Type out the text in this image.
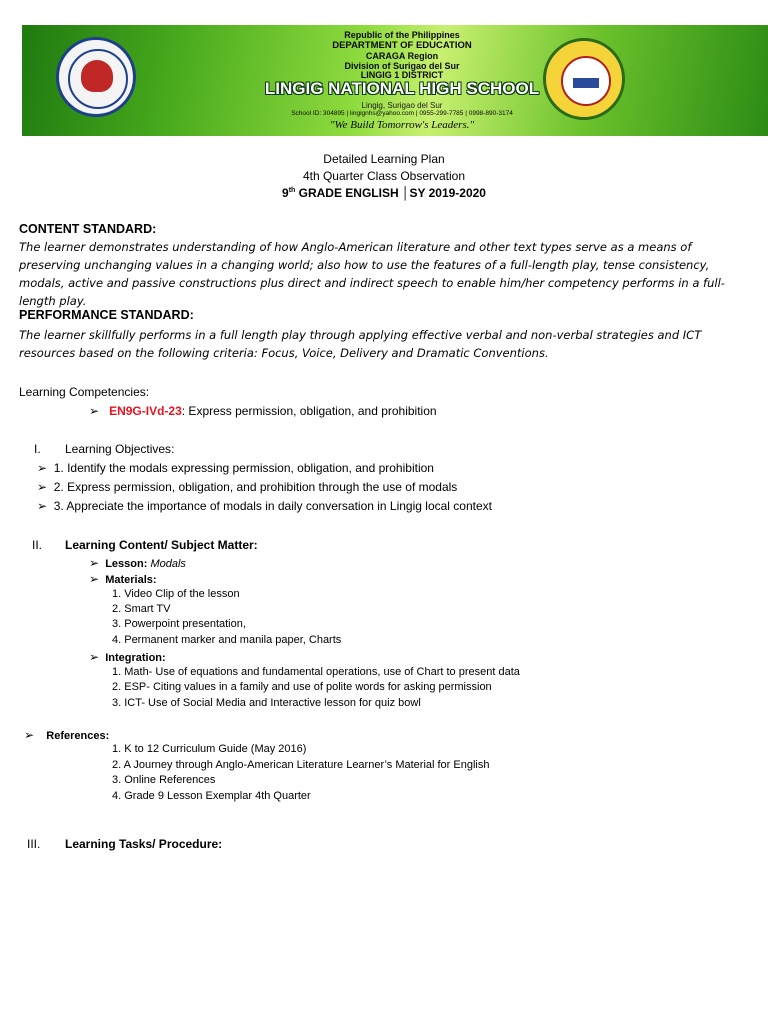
Republic of the Philippines
DEPARTMENT OF EDUCATION
CARAGA Region
Division of Surigao del Sur
LINGIG 1 DISTRICT
LINGIG NATIONAL HIGH SCHOOL
Lingig, Surigao del Sur
School ID: 304895 | lingignhs@yahoo.com | 0955-299-7785 | 0998-890-3174
"We Build Tomorrow's Leaders."
Detailed Learning Plan
4th Quarter Class Observation
9th GRADE ENGLISH │SY 2019-2020
CONTENT STANDARD:
The learner demonstrates understanding of how Anglo-American literature and other text types serve as a means of preserving unchanging values in a changing world; also how to use the features of a full-length play, tense consistency, modals, active and passive constructions plus direct and indirect speech to enable him/her competency performs in a full-length play.
PERFORMANCE STANDARD:
The learner skillfully performs in a full length play through applying effective verbal and non-verbal strategies and ICT resources based on the following criteria: Focus, Voice, Delivery and Dramatic Conventions.
Learning Competencies:
➢ EN9G-IVd-23: Express permission, obligation, and prohibition
I. Learning Objectives:
➢ 1. Identify the modals expressing permission, obligation, and prohibition
➢ 2. Express permission, obligation, and prohibition through the use of modals
➢ 3. Appreciate the importance of modals in daily conversation in Lingig local context
II. Learning Content/ Subject Matter:
➢ Lesson: Modals
➢ Materials:
1. Video Clip of the lesson
2. Smart TV
3. Powerpoint presentation,
4. Permanent marker and manila paper, Charts
➢ Integration:
1. Math- Use of equations and fundamental operations, use of Chart to present data
2. ESP- Citing values in a family and use of polite words for asking permission
3. ICT- Use of Social Media and Interactive lesson for quiz bowl
➢ References:
1. K to 12 Curriculum Guide (May 2016)
2. A Journey through Anglo-American Literature Learner’s Material for English
3. Online References
4. Grade 9 Lesson Exemplar 4th Quarter
III. Learning Tasks/ Procedure:
